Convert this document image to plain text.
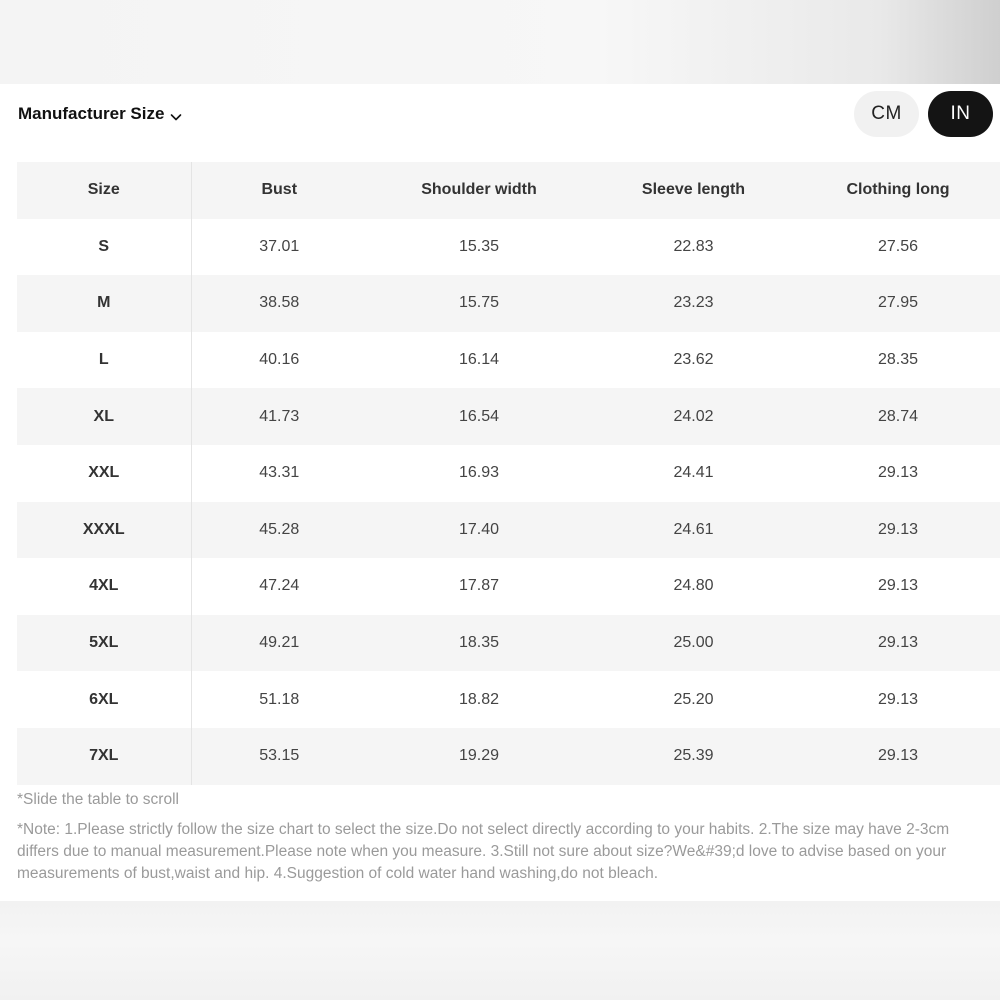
Manufacturer Size	CM	IN
Size	Bust	Shoulder width	Sleeve length	Clothing long
S	37.01	15.35	22.83	27.56
M	38.58	15.75	23.23	27.95
L	40.16	16.14	23.62	28.35
XL	41.73	16.54	24.02	28.74
XXL	43.31	16.93	24.41	29.13
XXXL	45.28	17.40	24.61	29.13
4XL	47.24	17.87	24.80	29.13
5XL	49.21	18.35	25.00	29.13
6XL	51.18	18.82	25.20	29.13
7XL	53.15	19.29	25.39	29.13
*Slide the table to scroll
*Note: 1.Please strictly follow the size chart to select the size.Do not select directly according to your habits. 2.The size may have 2-3cm differs due to manual measurement.Please note when you measure. 3.Still not sure about size?We&#39;d love to advise based on your measurements of bust,waist and hip. 4.Suggestion of cold water hand washing,do not bleach.
